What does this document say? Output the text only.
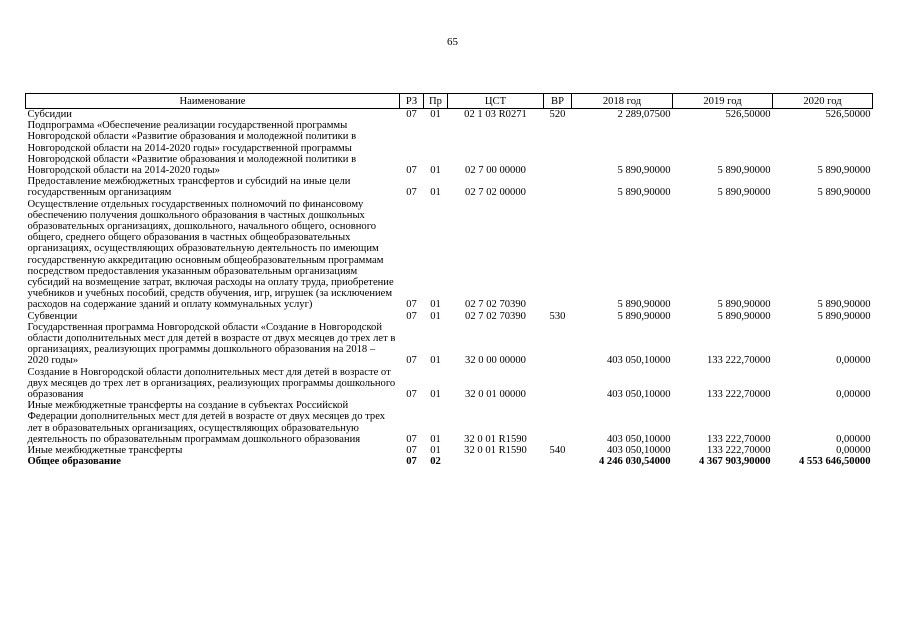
65
Наименование	РЗ	Пр	ЦСТ	ВР	2018 год	2019 год	2020 год
Субсидии	07	01	02 1 03 R0271	520	2 289,07500	526,50000	526,50000
Подпрограмма «Обеспечение реализации государственной программы Новгородской области «Развитие образования и молодежной политики в Новгородской области на 2014-2020 годы» государственной программы Новгородской области «Развитие образования и молодежной политики в Новгородской области на 2014-2020 годы»	07	01	02 7 00 00000		5 890,90000	5 890,90000	5 890,90000
Предоставление межбюджетных трансфертов и субсидий на иные цели государственным организациям	07	01	02 7 02 00000		5 890,90000	5 890,90000	5 890,90000
Осуществление отдельных государственных полномочий по финансовому обеспечению получения дошкольного образования в частных дошкольных образовательных организациях, дошкольного, начального общего, основного общего, среднего общего образования в частных общеобразовательных организациях, осуществляющих образовательную деятельность по имеющим государственную аккредитацию основным общеобразовательным программам посредством предоставления указанным образовательным организациям субсидий на возмещение затрат, включая расходы на оплату труда, приобретение учебников и учебных пособий, средств обучения, игр, игрушек (за исключением расходов на содержание зданий и оплату коммунальных услуг)	07	01	02 7 02 70390		5 890,90000	5 890,90000	5 890,90000
Субвенции	07	01	02 7 02 70390	530	5 890,90000	5 890,90000	5 890,90000
Государственная программа Новгородской области «Создание в Новгородской области дополнительных мест для детей в возрасте от двух месяцев до трех лет в организациях, реализующих программы дошкольного образования на 2018 – 2020 годы»	07	01	32 0 00 00000		403 050,10000	133 222,70000	0,00000
Создание в Новгородской области дополнительных мест для детей в возрасте от двух месяцев до трех лет в организациях, реализующих программы дошкольного образования	07	01	32 0 01 00000		403 050,10000	133 222,70000	0,00000
Иные межбюджетные трансферты на создание в субъектах Российской Федерации дополнительных мест для детей в возрасте от двух месяцев до трех лет в образовательных организациях, осуществляющих образовательную деятельность по образовательным программам дошкольного образования	07	01	32 0 01 R1590		403 050,10000	133 222,70000	0,00000
Иные межбюджетные трансферты	07	01	32 0 01 R1590	540	403 050,10000	133 222,70000	0,00000
Общее образование	07	02			4 246 030,54000	4 367 903,90000	4 553 646,50000
